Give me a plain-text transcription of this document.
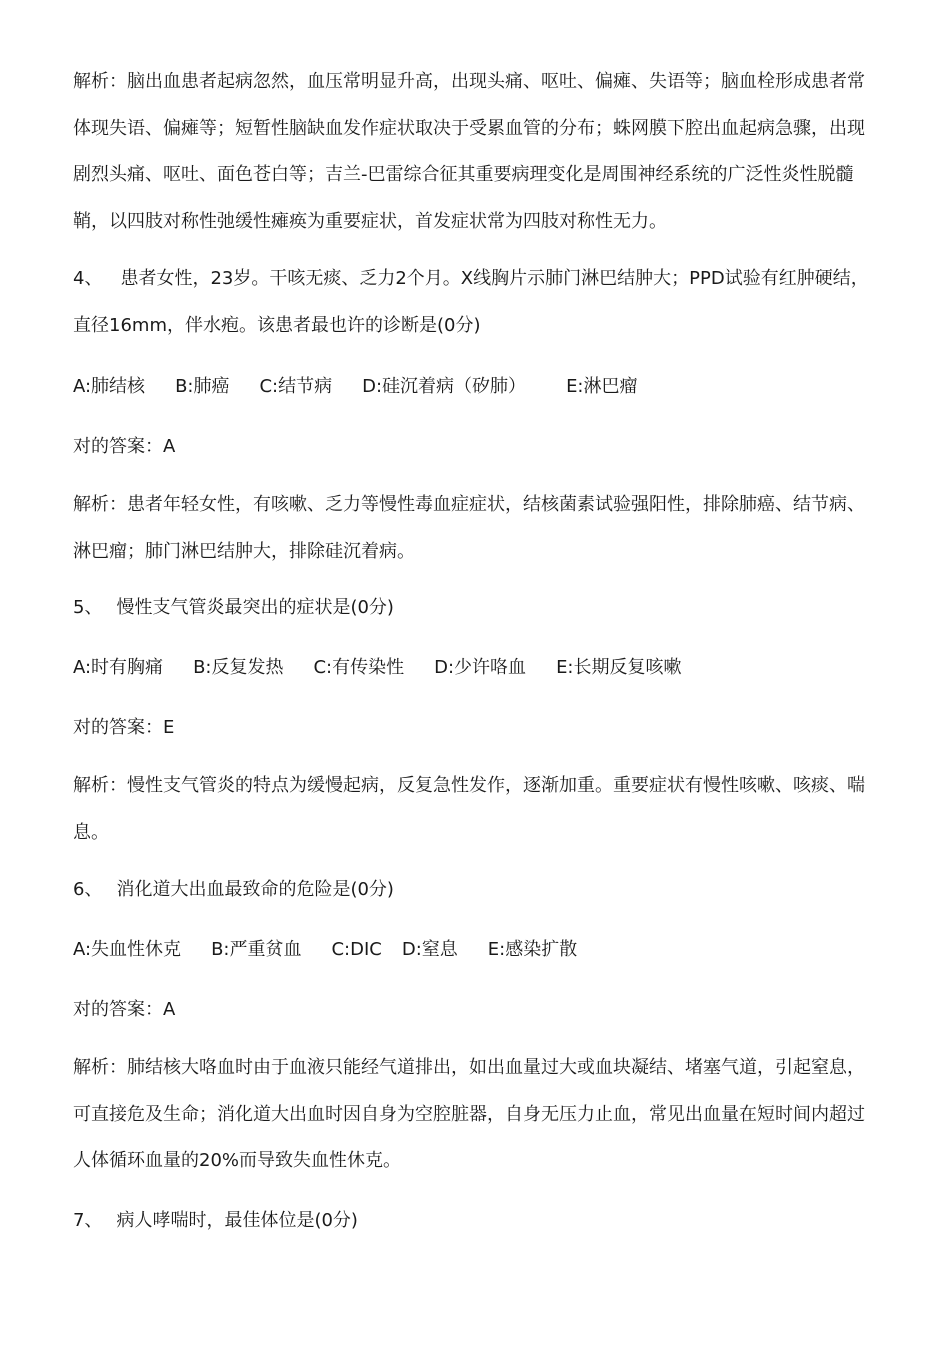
解析：脑出血患者起病忽然，血压常明显升高，出现头痛、呕吐、偏瘫、失语等；脑血栓形成患者常体现失语、偏瘫等；短暂性脑缺血发作症状取决于受累血管的分布；蛛网膜下腔出血起病急骤，出现剧烈头痛、呕吐、面色苍白等；吉兰-巴雷综合征其重要病理变化是周围神经系统的广泛性炎性脱髓鞘，以四肢对称性弛缓性瘫痪为重要症状，首发症状常为四肢对称性无力。

4、 患者女性，23岁。干咳无痰、乏力2个月。X线胸片示肺门淋巴结肿大；PPD试验有红肿硬结，直径16mm，伴水疱。该患者最也许的诊断是(0分)

A:肺结核 B:肺癌 C:结节病 D:硅沉着病（矽肺） E:淋巴瘤

对的答案：A

解析：患者年轻女性，有咳嗽、乏力等慢性毒血症症状，结核菌素试验强阳性，排除肺癌、结节病、淋巴瘤；肺门淋巴结肿大，排除硅沉着病。

5、 慢性支气管炎最突出的症状是(0分)
A:时有胸痛 B:反复发热 C:有传染性 D:少许咯血 E:长期反复咳嗽

对的答案：E

解析：慢性支气管炎的特点为缓慢起病，反复急性发作，逐渐加重。重要症状有慢性咳嗽、咳痰、喘息。

6、 消化道大出血最致命的危险是(0分)
A:失血性休克 B:严重贫血 C:DIC D:窒息 E:感染扩散

对的答案：A

解析：肺结核大咯血时由于血液只能经气道排出，如出血量过大或血块凝结、堵塞气道，引起窒息，可直接危及生命；消化道大出血时因自身为空腔脏器，自身无压力止血，常见出血量在短时间内超过人体循环血量的20%而导致失血性休克。

7、 病人哮喘时，最佳体位是(0分)
